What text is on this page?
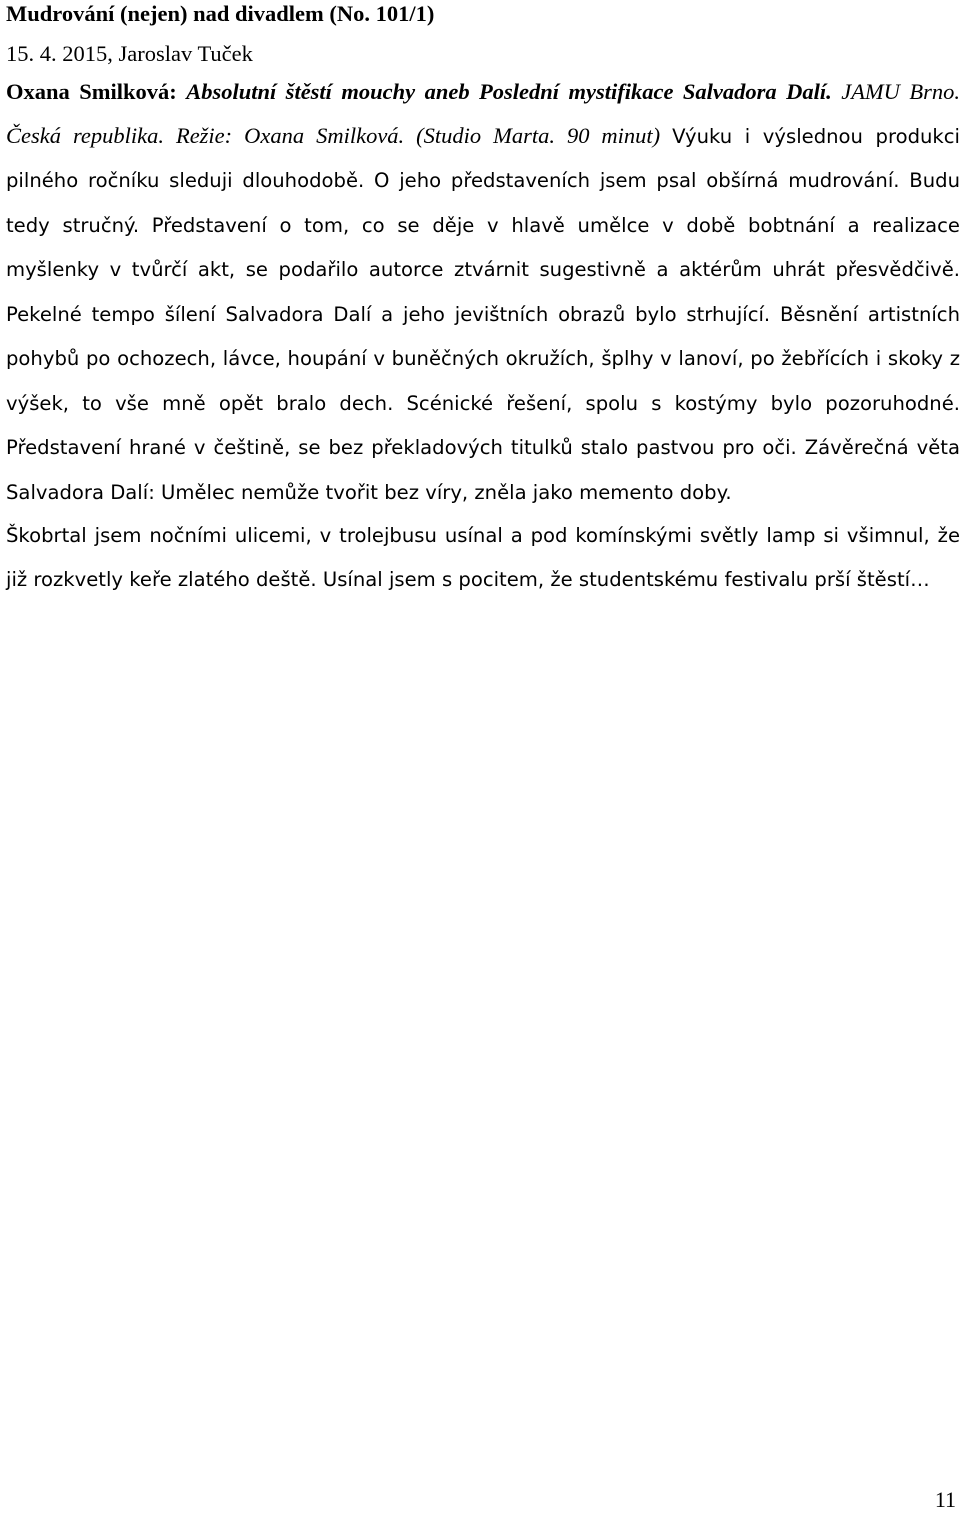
Mudrování (nejen) nad divadlem (No. 101/1)
15. 4. 2015, Jaroslav Tuček
Oxana Smilková: Absolutní štěstí mouchy aneb Poslední mystifikace Salvadora Dalí. JAMU Brno. Česká republika. Režie: Oxana Smilková. (Studio Marta. 90 minut) Výuku i výslednou produkci pilného ročníku sleduji dlouhodobě. O jeho představeních jsem psal obšírná mudrování. Budu tedy stručný. Představení o tom, co se děje v hlavě umělce v době bobtnání a realizace myšlenky v tvůrčí akt, se podařilo autorce ztvárnit sugestivně a aktérům uhrát přesvědčivě. Pekelné tempo šílení Salvadora Dalí a jeho jevištních obrazů bylo strhující. Běsnění artistních pohybů po ochozech, lávce, houpání v buněčných okružích, šplhy v lanoví, po žebřících i skoky z výšek, to vše mně opět bralo dech. Scénické řešení, spolu s kostýmy bylo pozoruhodné. Představení hrané v češtině, se bez překladových titulků stalo pastvou pro oči. Závěrečná věta Salvadora Dalí: Umělec nemůže tvořit bez víry, zněla jako memento doby.
Škobrtal jsem nočními ulicemi, v trolejbusu usínal a pod komínskými světly lamp si všimnul, že již rozkvetly keře zlatého deště. Usínal jsem s pocitem, že studentskému festivalu prší štěstí…
11
